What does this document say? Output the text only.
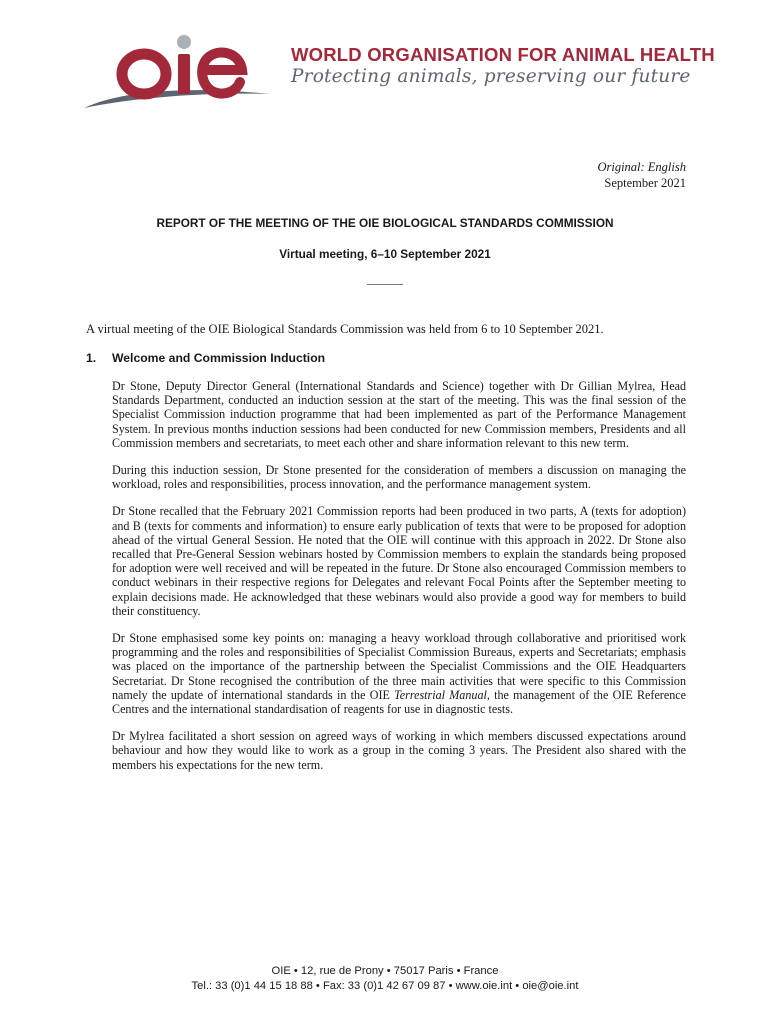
WORLD ORGANISATION FOR ANIMAL HEALTH
Protecting animals, preserving our future
Original: English
September 2021
REPORT OF THE MEETING OF THE OIE BIOLOGICAL STANDARDS COMMISSION
Virtual meeting, 6–10 September 2021
______
A virtual meeting of the OIE Biological Standards Commission was held from 6 to 10 September 2021.
1. Welcome and Commission Induction

Dr Stone, Deputy Director General (International Standards and Science) together with Dr Gillian Mylrea, Head Standards Department, conducted an induction session at the start of the meeting. This was the final session of the Specialist Commission induction programme that had been implemented as part of the Performance Management System. In previous months induction sessions had been conducted for new Commission members, Presidents and all Commission members and secretariats, to meet each other and share information relevant to this new term.

During this induction session, Dr Stone presented for the consideration of members a discussion on managing the workload, roles and responsibilities, process innovation, and the performance management system.

Dr Stone recalled that the February 2021 Commission reports had been produced in two parts, A (texts for adoption) and B (texts for comments and information) to ensure early publication of texts that were to be proposed for adoption ahead of the virtual General Session. He noted that the OIE will continue with this approach in 2022. Dr Stone also recalled that Pre-General Session webinars hosted by Commission members to explain the standards being proposed for adoption were well received and will be repeated in the future. Dr Stone also encouraged Commission members to conduct webinars in their respective regions for Delegates and relevant Focal Points after the September meeting to explain decisions made. He acknowledged that these webinars would also provide a good way for members to build their constituency.

Dr Stone emphasised some key points on: managing a heavy workload through collaborative and prioritised work programming and the roles and responsibilities of Specialist Commission Bureaus, experts and Secretariats; emphasis was placed on the importance of the partnership between the Specialist Commissions and the OIE Headquarters Secretariat. Dr Stone recognised the contribution of the three main activities that were specific to this Commission namely the update of international standards in the OIE Terrestrial Manual, the management of the OIE Reference Centres and the international standardisation of reagents for use in diagnostic tests.

Dr Mylrea facilitated a short session on agreed ways of working in which members discussed expectations around behaviour and how they would like to work as a group in the coming 3 years. The President also shared with the members his expectations for the new term.

OIE • 12, rue de Prony • 75017 Paris • France
Tel.: 33 (0)1 44 15 18 88 • Fax: 33 (0)1 42 67 09 87 • www.oie.int • oie@oie.int
